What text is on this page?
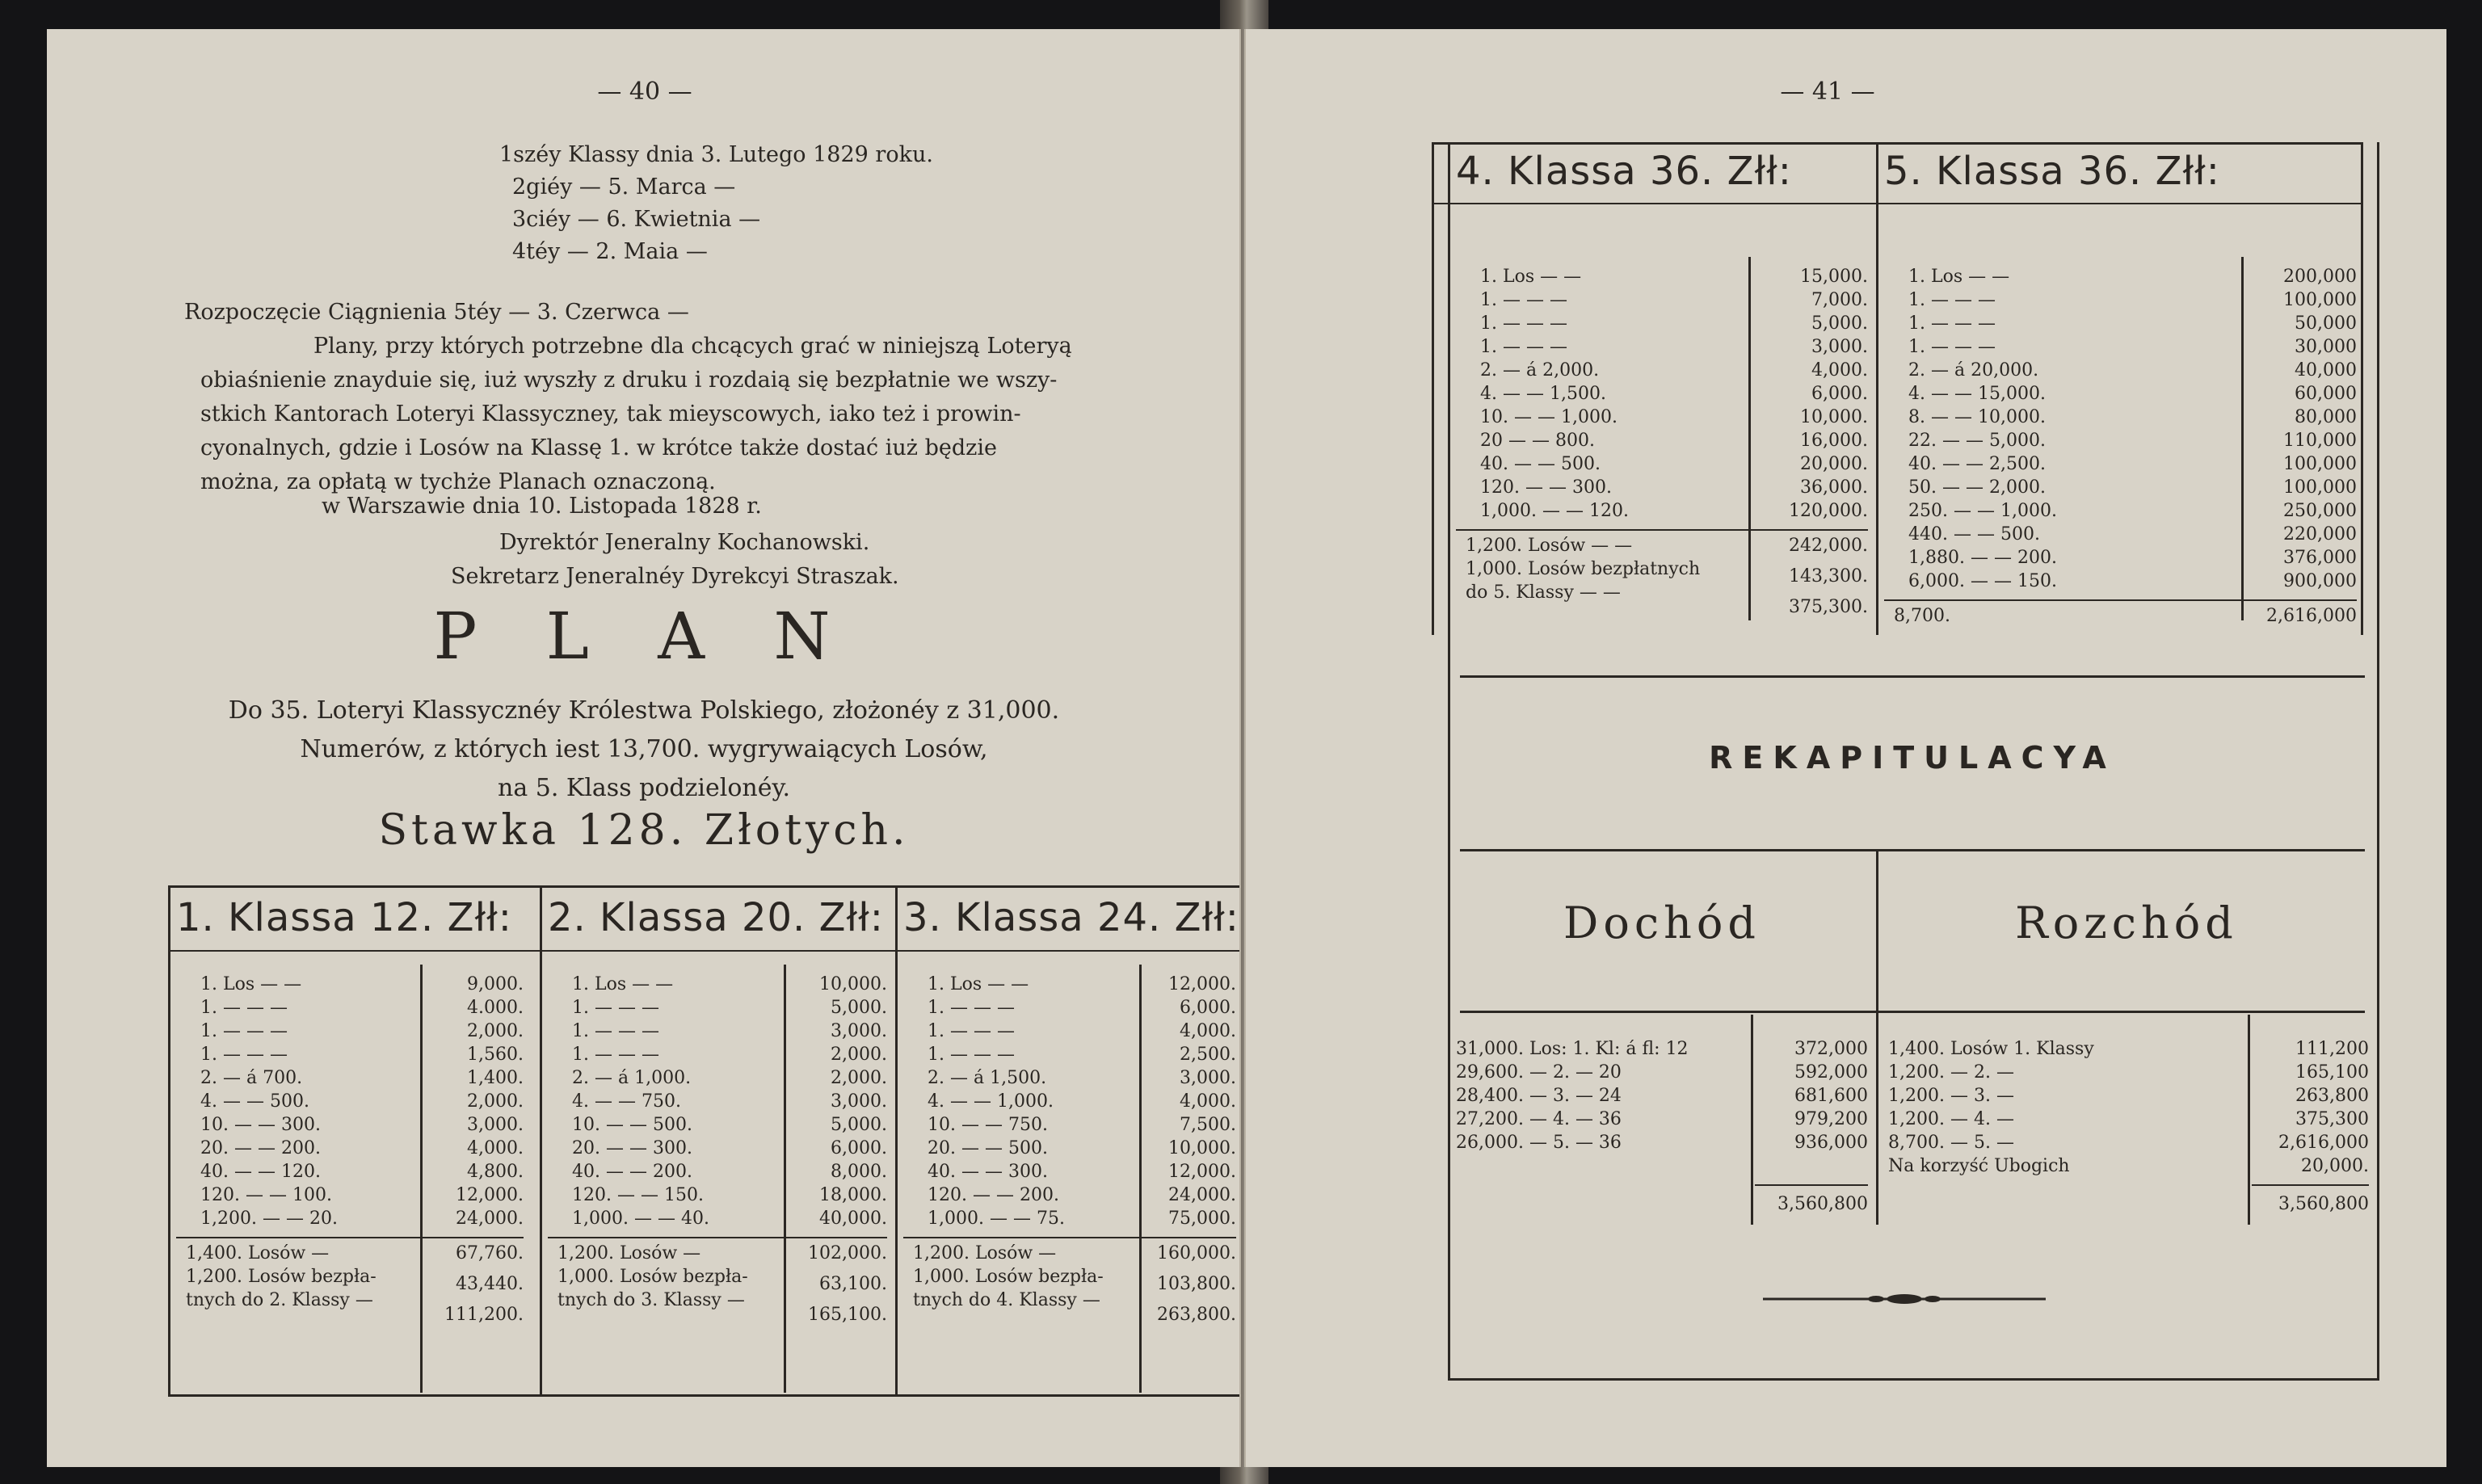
— 40 —
1széy Klassy dnia 3. Lutego 1829 roku.
2giéy — 5. Marca —
3ciéy — 6. Kwietnia —
4téy — 2. Maia —
Rozpoczęcie Ciągnienia 5téy — 3. Czerwca —
Plany, przy których potrzebne dla chcących grać w niniejszą Loteryą
obiaśnienie znayduie się, iuż wyszły z druku i rozdaią się bezpłatnie we wszy-
stkich Kantorach Loteryi Klassyczney, tak mieyscowych, iako też i prowin-
cyonalnych, gdzie i Losów na Klassę 1. w krótce także dostać iuż będzie
można, za opłatą w tychże Planach oznaczoną.
w Warszawie dnia 10. Listopada 1828 r.
Dyrektór Jeneralny Kochanowski.
Sekretarz Jeneralnéy Dyrekcyi Straszak.
P L A N
Do 35. Loteryi Klassycznéy Królestwa Polskiego, złożonéy z 31,000.
Numerów, z których iest 13,700. wygrywaiących Losów,
na 5. Klass podzielonéy.
Stawka 128. Złotych.
1. Klassa 12. Złł:
1. Los — —
1. — — —
1. — — —
1. — — —
2. — á 700.
4. — — 500.
10. — — 300.
20. — — 200.
40. — — 120.
120. — — 100.
1,200. — — 20.
9,000.
4.000.
2,000.
1,560.
1,400.
2,000.
3,000.
4,000.
4,800.
12,000.
24,000.
1,400. Losów —
1,200. Losów bezpła-
tnych do 2. Klassy —
67,760.
43,440.
111,200.
2. Klassa 20. Złł:
1. Los — —
1. — — —
1. — — —
1. — — —
2. — á 1,000.
4. — — 750.
10. — — 500.
20. — — 300.
40. — — 200.
120. — — 150.
1,000. — — 40.
10,000.
5,000.
3,000.
2,000.
2,000.
3,000.
5,000.
6,000.
8,000.
18,000.
40,000.
1,200. Losów —
1,000. Losów bezpła-
tnych do 3. Klassy —
102,000.
63,100.
165,100.
3. Klassa 24. Złł:
1. Los — —
1. — — —
1. — — —
1. — — —
2. — á 1,500.
4. — — 1,000.
10. — — 750.
20. — — 500.
40. — — 300.
120. — — 200.
1,000. — — 75.
12,000.
6,000.
4,000.
2,500.
3,000.
4,000.
7,500.
10,000.
12,000.
24,000.
75,000.
1,200. Losów —
1,000. Losów bezpła-
tnych do 4. Klassy —
160,000.
103,800.
263,800.
— 41 —
4. Klassa 36. Złł:
1. Los — —
1. — — —
1. — — —
1. — — —
2. — á 2,000.
4. — — 1,500.
10. — — 1,000.
20 — — 800.
40. — — 500.
120. — — 300.
1,000. — — 120.
15,000.
7,000.
5,000.
3,000.
4,000.
6,000.
10,000.
16,000.
20,000.
36,000.
120,000.
1,200. Losów — —
1,000. Losów bezpłatnych
do 5. Klassy — —
242,000.
143,300.
375,300.
5. Klassa 36. Złł:
1. Los — —
1. — — —
1. — — —
1. — — —
2. — á 20,000.
4. — — 15,000.
8. — — 10,000.
22. — — 5,000.
40. — — 2,500.
50. — — 2,000.
250. — — 1,000.
440. — — 500.
1,880. — — 200.
6,000. — — 150.
200,000
100,000
50,000
30,000
40,000
60,000
80,000
110,000
100,000
100,000
250,000
220,000
376,000
900,000
8,700.	2,616,000
REKAPITULACYA
Dochód	Rozchód
31,000. Los: 1. Kl: á fl: 12
29,600. — 2. — 20
28,400. — 3. — 24
27,200. — 4. — 36
26,000. — 5. — 36
372,000
592,000
681,600
979,200
936,000
3,560,800
1,400. Losów 1. Klassy
1,200. — 2. —
1,200. — 3. —
1,200. — 4. —
8,700. — 5. —
Na korzyść Ubogich
111,200
165,100
263,800
375,300
2,616,000
20,000.
3,560,800
